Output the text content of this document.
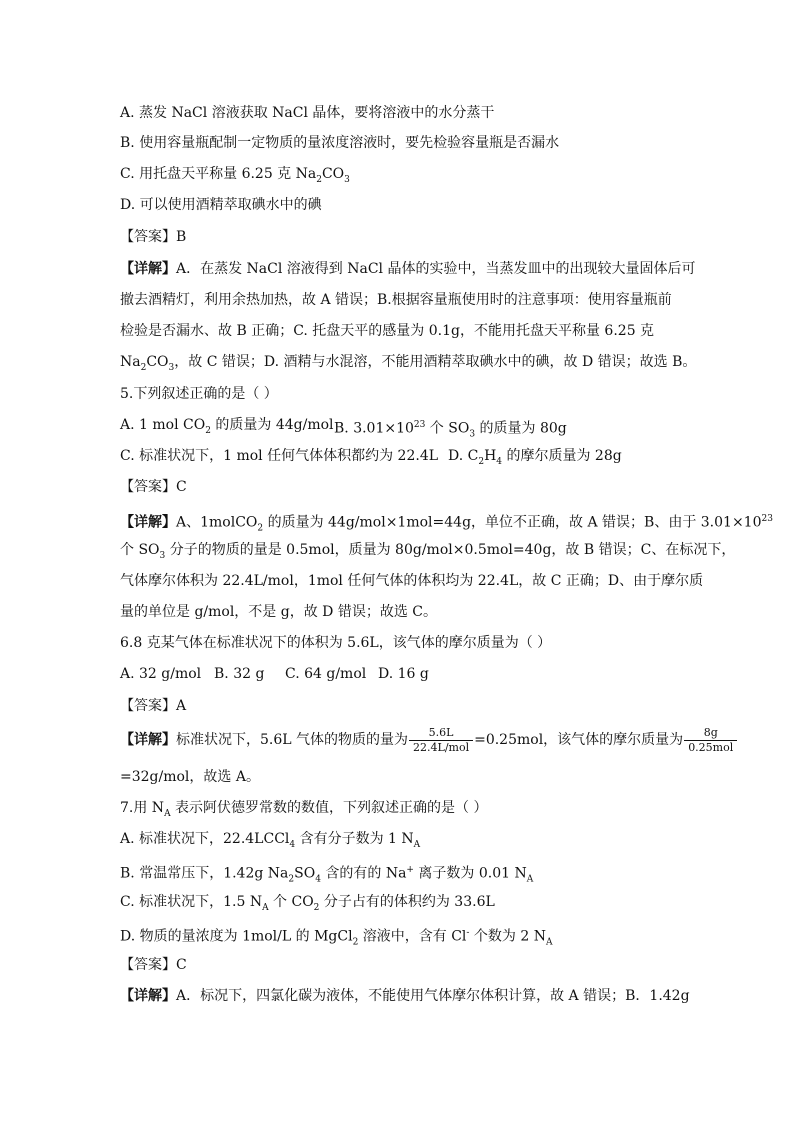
A. 蒸发 NaCl 溶液获取 NaCl 晶体，要将溶液中的水分蒸干
B. 使用容量瓶配制一定物质的量浓度溶液时，要先检验容量瓶是否漏水
C. 用托盘天平称量 6.25 克 $Na_2CO_3$
D. 可以使用酒精萃取碘水中的碘
【答案】B
【详解】A．在蒸发 NaCl 溶液得到 NaCl 晶体的实验中，当蒸发皿中的出现较大量固体后可
撤去酒精灯，利用余热加热，故 A 错误；B.根据容量瓶使用时的注意事项：使用容量瓶前
检验是否漏水、故 B 正确；C. 托盘天平的感量为 0.1g，不能用托盘天平称量 6.25 克
$Na_2CO_3$，故 C 错误；D. 酒精与水混溶，不能用酒精萃取碘水中的碘，故 D 错误；故选 B。
5.下列叙述正确的是（ ）
A. 1 mol $CO_2$ 的质量为 44g/mol B. $3.01\times 10^{23}$ 个 $SO_3$ 的质量为 80g
C. 标准状况下，1 mol 任何气体体积都约为 22.4L D. $C_2H_4$ 的摩尔质量为 28g
【答案】C
【详解】A、1molCO$_2$ 的质量为 44g/mol×1mol=44g，单位不正确，故 A 错误；B、由于 $3.01\times 10^{23}$
个 $SO_3$ 分子的物质的量是 0.5mol，质量为 80g/mol×0.5mol=40g，故 B 错误；C、在标况下，
气体摩尔体积为 22.4L/mol，1mol 任何气体的体积均为 22.4L，故 C 正确；D、由于摩尔质
量的单位是 g/mol，不是 g，故 D 错误；故选 C。
6.8 克某气体在标准状况下的体积为 5.6L，该气体的摩尔质量为（ ）
A. 32 g/mol B. 32 g C. 64 g/mol D. 16 g
【答案】A
【详解】标准状况下，5.6L 气体的物质的量为 $\frac{5.6L}{\text{22.4L/mol}} =0.25mol$，该气体的摩尔质量为 $\frac{8g}{\text{0.25mol}}$
=32g/mol，故选 A。
7.用 $N_A$ 表示阿伏德罗常数的数值，下列叙述正确的是（ ）
A. 标准状况下，22.4LCCl$_4$ 含有分子数为 1 $N_A$
B. 常温常压下，1.42g $Na_2SO_4$ 含的有的 Na+ 离子数为 0.01 $N_A$
C. 标准状况下，1.5 $N_A$ 个 $CO_2$ 分子占有的体积约为 33.6L
D. 物质的量浓度为 1mol/L 的 MgCl$_2$ 溶液中，含有 Cl- 个数为 2 $N_A$
【答案】C
【详解】A．标况下，四氯化碳为液体，不能使用气体摩尔体积计算，故 A 错误；B．1.42g
